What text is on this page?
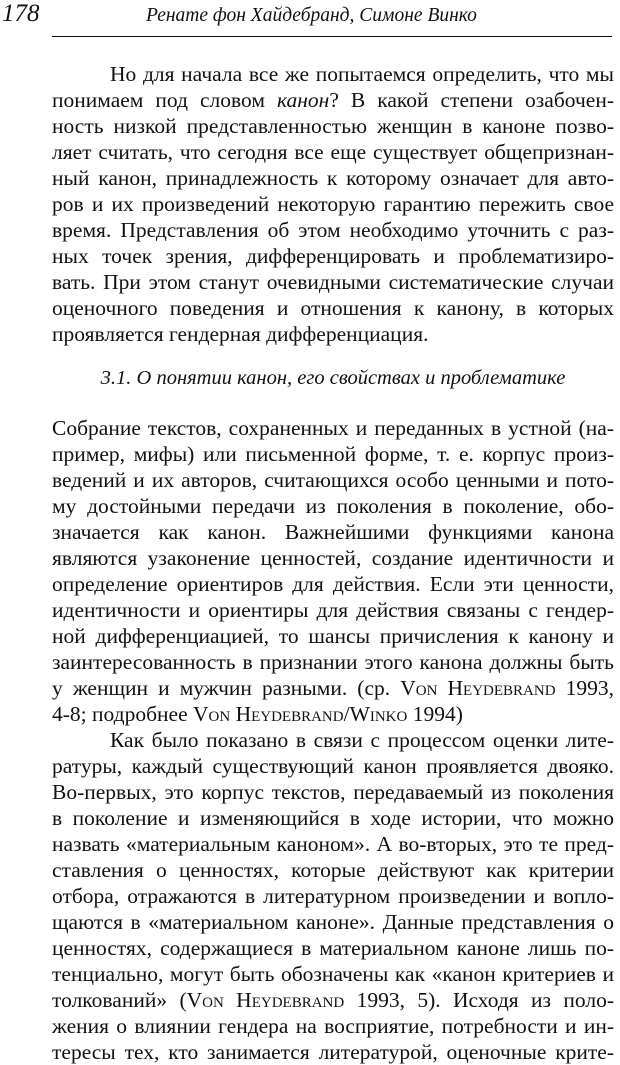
178	Ренате фон Хайдебранд, Симоне Винко
Но для начала все же попытаемся определить, что мы
понимаем под словом канон? В какой степени озабочен-
ность низкой представленностью женщин в каноне позво-
ляет считать, что сегодня все еще существует общепризнан-
ный канон, принадлежность к которому означает для авто-
ров и их произведений некоторую гарантию пережить свое
время. Представления об этом необходимо уточнить с раз-
ных точек зрения, дифференцировать и проблематизиро-
вать. При этом станут очевидными систематические случаи
оценочного поведения и отношения к канону, в которых
проявляется гендерная дифференциация.
3.1. О понятии канон, его свойствах и проблематике
Собрание текстов, сохраненных и переданных в устной (на-
пример, мифы) или письменной форме, т. е. корпус произ-
ведений и их авторов, считающихся особо ценными и пото-
му достойными передачи из поколения в поколение, обо-
значается как канон. Важнейшими функциями канона
являются узаконение ценностей, создание идентичности и
определение ориентиров для действия. Если эти ценности,
идентичности и ориентиры для действия связаны с гендер-
ной дифференциацией, то шансы причисления к канону и
заинтересованность в признании этого канона должны быть
у женщин и мужчин разными. (ср. Von Heydebrand 1993,
4-8; подробнее Von Heydebrand/Winko 1994)
Как было показано в связи с процессом оценки лите-
ратуры, каждый существующий канон проявляется двояко.
Во-первых, это корпус текстов, передаваемый из поколения
в поколение и изменяющийся в ходе истории, что можно
назвать «материальным каноном». А во-вторых, это те пред-
ставления о ценностях, которые действуют как критерии
отбора, отражаются в литературном произведении и вопло-
щаются в «материальном каноне». Данные представления о
ценностях, содержащиеся в материальном каноне лишь по-
тенциально, могут быть обозначены как «канон критериев и
толкований» (Von Heydebrand 1993, 5). Исходя из поло-
жения о влиянии гендера на восприятие, потребности и ин-
тересы тех, кто занимается литературой, оценочные крите-
